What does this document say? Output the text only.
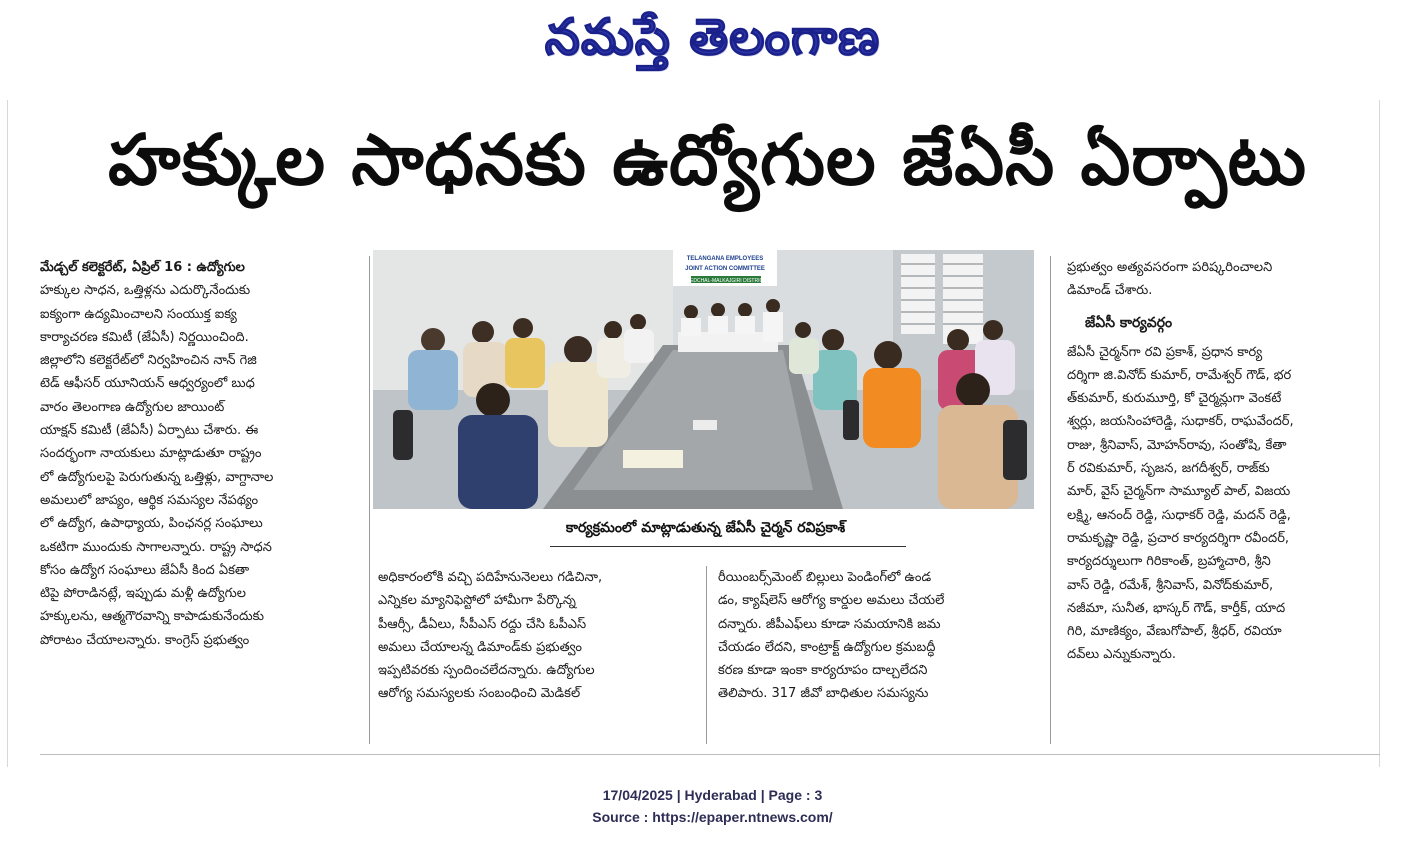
నమస్తే తెలంగాణ
హక్కుల సాధనకు ఉద్యోగుల జేఏసీ ఏర్పాటు
మేడ్చల్ కలెక్టరేట్, ఏప్రిల్ 16 : ఉద్యోగుల
హక్కుల సాధన, ఒత్తిళ్లను ఎదుర్కొనేందుకు
ఐక్యంగా ఉద్యమించాలని సంయుక్త ఐక్య
కార్యాచరణ కమిటీ (జేఏసీ) నిర్ణయించింది.
జిల్లాలోని కలెక్టరేట్‌లో నిర్వహించిన నాన్ గెజి
టెడ్ ఆఫీసర్ యూనియన్ ఆధ్వర్యంలో బుధ
వారం తెలంగాణ ఉద్యోగుల జాయింట్
యాక్షన్ కమిటీ (జేఏసీ) ఏర్పాటు చేశారు. ఈ
సందర్భంగా నాయకులు మాట్లాడుతూ రాష్ట్రం
లో ఉద్యోగులపై పెరుగుతున్న ఒత్తిళ్లు, వాగ్దానాల
అమలులో జాప్యం, ఆర్థిక సమస్యల నేపథ్యం
లో ఉద్యోగ, ఉపాధ్యాయ, పింఛనర్ల సంఘాలు
ఒకటిగా ముందుకు సాగాలన్నారు. రాష్ట్ర సాధన
కోసం ఉద్యోగ సంఘాలు జేఏసీ కింద ఏకతా
టిపై పోరాడినట్లే, ఇప్పుడు మళ్లీ ఉద్యోగుల
హక్కులను, ఆత్మగౌరవాన్ని కాపాడుకునేందుకు
పోరాటం చేయాలన్నారు. కాంగ్రెస్ ప్రభుత్వం
TELANGANA EMPLOYEES
JOINT ACTION COMMITTEE
MEDCHAL-MALKAJGIRI DISTRICT
కార్యక్రమంలో మాట్లాడుతున్న జేఏసీ చైర్మన్ రవిప్రకాశ్
అధికారంలోకి వచ్చి పదిహేనునెలలు గడిచినా,
ఎన్నికల మ్యానిఫెస్టోలో హామీగా పేర్కొన్న
పీఆర్సీ, డీఏలు, సీపీఎస్ రద్దు చేసి ఓపీఎస్
అమలు చేయాలన్న డిమాండ్‌కు ప్రభుత్వం
ఇప్పటివరకు స్పందించలేదన్నారు. ఉద్యోగుల
ఆరోగ్య సమస్యలకు సంబంధించి మెడికల్
రీయింబర్స్‌మెంట్ బిల్లులు పెండింగ్‌లో ఉండ
డం, క్యాష్‌లెస్ ఆరోగ్య కార్డుల అమలు చేయలే
దన్నారు. జీపీఎఫ్‌లు కూడా సమయానికి జమ
చేయడం లేదని, కాంట్రాక్ట్ ఉద్యోగుల క్రమబద్ధీ
కరణ కూడా ఇంకా కార్యరూపం దాల్చలేదని
తెలిపారు. 317 జీవో బాధితుల సమస్యను
ప్రభుత్వం అత్యవసరంగా పరిష్కరించాలని
డిమాండ్ చేశారు.
జేఏసీ కార్యవర్గం
జేఏసీ చైర్మన్‌గా రవి ప్రకాశ్, ప్రధాన కార్య
దర్శిగా జి.వినోద్ కుమార్, రామేశ్వర్ గౌడ్, భర
త్‌కుమార్, కురుమూర్తి, కో చైర్మన్లుగా వెంకటే
శ్వర్లు, జయసింహారెడ్డి, సుధాకర్, రాఘవేందర్,
రాజు, శ్రీనివాస్, మోహన్‌రావు, సంతోషి, కేతా
ర్ రవికుమార్, సృజన, జగదీశ్వర్, రాజ్‌కు
మార్, వైస్ చైర్మన్‌గా సామ్యూల్ పాల్, విజయ
లక్ష్మి, ఆనంద్ రెడ్డి, సుధాకర్ రెడ్డి, మదన్ రెడ్డి,
రామకృష్ణా రెడ్డి, ప్రచార కార్యదర్శిగా రవీందర్,
కార్యదర్శులుగా గిరికాంత్, బ్రహ్మాచారి, శ్రీని
వాస్ రెడ్డి, రమేశ్, శ్రీనివాస్, వినోద్‌కుమార్,
నజీమా, సునీత, భాస్కర్ గౌడ్, కార్తీక్, యాద
గిరి, మాణిక్యం, వేణుగోపాల్, శ్రీధర్, రవియా
దవ్‌లు ఎన్నుకున్నారు.
17/04/2025 | Hyderabad | Page : 3
Source : https://epaper.ntnews.com/
